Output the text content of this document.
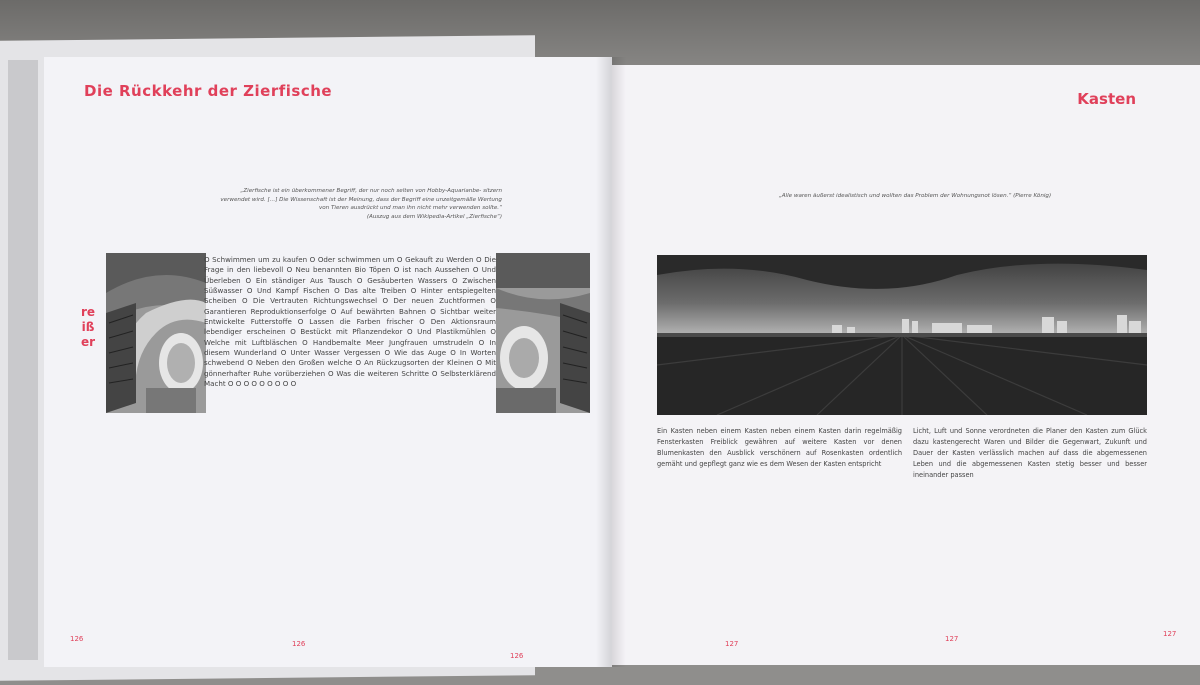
Die Rückkehr der Zierfische
„Zierfische ist ein überkommener Begriff, der nur noch selten von Hobby-Aquarianbe- sitzern verwendet wird. […] Die Wissenschaft ist der Meinung, dass der Begriff eine unzeitgemäße Wertung von Tieren ausdrückt und man ihn nicht mehr verwenden sollte.“
(Auszug aus dem Wikipedia-Artikel „Zierfische“)
reißer
O Schwimmen um zu kaufen O Oder schwimmen um O Gekauft zu Werden O Die Frage in den liebevoll O Neu benannten Bio Töpen O ist nach Aussehen O Und Überleben O Ein ständiger Aus Tausch O Gesäuberten Wassers O Zwischen Süßwasser O Und Kampf Fischen O Das alte Treiben O Hinter entspiegelten Scheiben O Die Vertrauten Richtungswechsel O Der neuen Zuchtformen O Garantieren Reproduktionserfolge O Auf bewährten Bahnen O Sichtbar weiter Entwickelte Futterstoffe O Lassen die Farben frischer O Den Aktionsraum lebendiger erscheinen O Bestückt mit Pflanzendekor O Und Plastikmühlen O Welche mit Luftbläschen O Handbemalte Meer Jungfrauen umstrudeln O In diesem Wunderland O Unter Wasser Vergessen O Wie das Auge O In Worten schwebend O Neben den Großen welche O An Rückzugsorten der Kleinen O Mit gönnerhafter Ruhe vorüberziehen O Was die weiteren Schritte O Selbsterklärend Macht O O O O O O O O O
126
126
126
Kasten
„Alle waren äußerst idealistisch und wollten das Problem der Wohnungsnot lösen.“ (Pierre König)
Ein Kasten neben einem Kasten neben einem Kasten darin regelmäßig Fensterkasten Freiblick gewähren auf weitere Kasten vor denen Blumenkasten den Ausblick verschönern auf Rosenkasten ordentlich gemäht und gepflegt ganz wie es dem Wesen der Kasten entspricht
Licht, Luft und Sonne verordneten die Planer den Kasten zum Glück dazu kastengerecht Waren und Bilder die Gegenwart, Zukunft und Dauer der Kasten verlässlich machen auf dass die abgemessenen Leben und die abgemessenen Kasten stetig besser und besser ineinander passen
127
127
127
